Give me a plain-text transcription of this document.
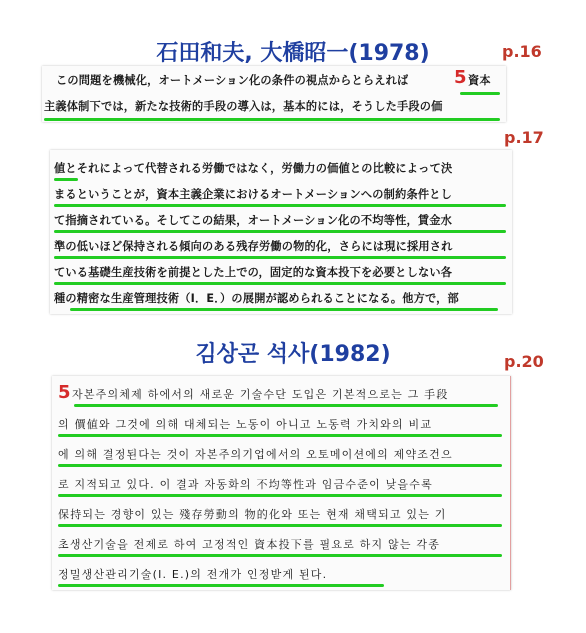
石田和夫, 大橋昭一(1978)	p.16
p.17
この問題を機械化，オートメーション化の条件の視点からとらえれば	5 資本
主義体制下では，新たな技術的手段の導入は，基本的には，そうした手段の価
値とそれによって代替される労働ではなく，労働力の価値との比較によって決
まるということが，資本主義企業におけるオートメーションへの制約条件とし
て指摘されている。そしてこの結果，オートメーション化の不均等性，賃金水
準の低いほど保持される傾向のある残存労働の物的化，さらには現に採用され
ている基礎生産技術を前提とした上での，固定的な資本投下を必要としない各
種の精密な生産管理技術（I．E．）の展開が認められることになる。他方で，部
김상곤 석사(1982)	p.20
5 자본주의체제 하에서의 새로운 기술수단 도입은 기본적으로는 그 手段
의 價値와 그것에 의해 대체되는 노동이 아니고 노동력 가치와의 비교
에 의해 결정된다는 것이 자본주의기업에서의 오토메이션에의 제약조건으
로 지적되고 있다. 이 결과 자동화의 不均等性과 임금수준이 낮을수록
保持되는 경향이 있는 殘存勞動의 物的化와 또는 현재 채택되고 있는 기
초생산기술을 전제로 하여 고정적인 資本投下를 필요로 하지 않는 각종
정밀생산관리기술(I. E.)의 전개가 인정받게 된다.
